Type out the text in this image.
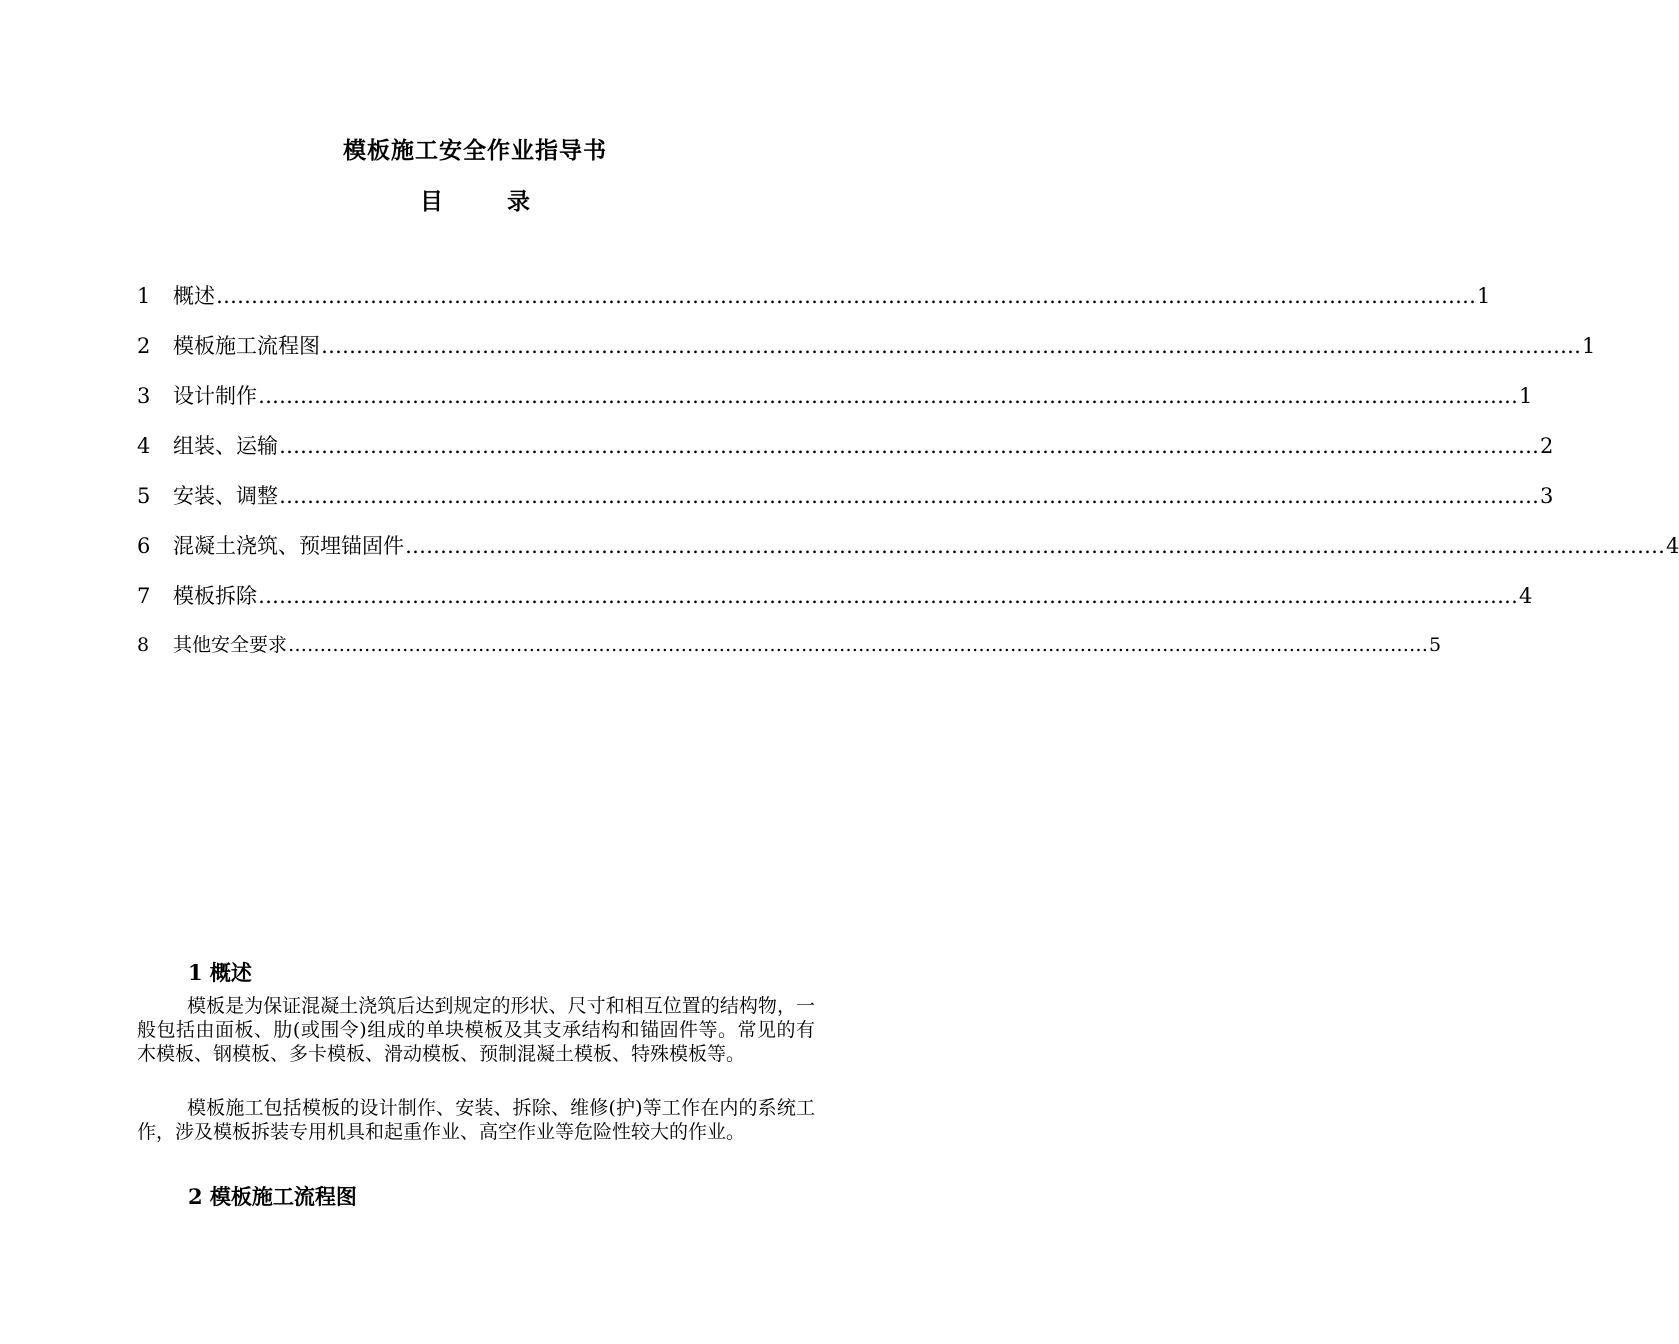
模板施工安全作业指导书
目 录
1	概述 ……………………………………………………………………………………………………………………………………………………………… 1
2	模板施工流程图 ……………………………………………………………………………………………………………………………………………………………… 1
3	设计制作 ……………………………………………………………………………………………………………………………………………………………… 1
4	组装、运输 ……………………………………………………………………………………………………………………………………………………………… 2
5	安装、调整 ……………………………………………………………………………………………………………………………………………………………… 3
6	混凝土浇筑、预埋锚固件 ……………………………………………………………………………………………………………………………………………………………… 4
7	模板拆除 ……………………………………………………………………………………………………………………………………………………………… 4
8	其他安全要求 ……………………………………………………………………………………………………………………………………………………………… 5
1 概述

模板是为保证混凝土浇筑后达到规定的形状、尺寸和相互位置的结构物，一般包括由面板、肋(或围令)组成的单块模板及其支承结构和锚固件等。常见的有木模板、钢模板、多卡模板、滑动模板、预制混凝土模板、特殊模板等。

模板施工包括模板的设计制作、安装、拆除、维修(护)等工作在内的系统工作，涉及模板拆装专用机具和起重作业、高空作业等危险性较大的作业。

2 模板施工流程图
